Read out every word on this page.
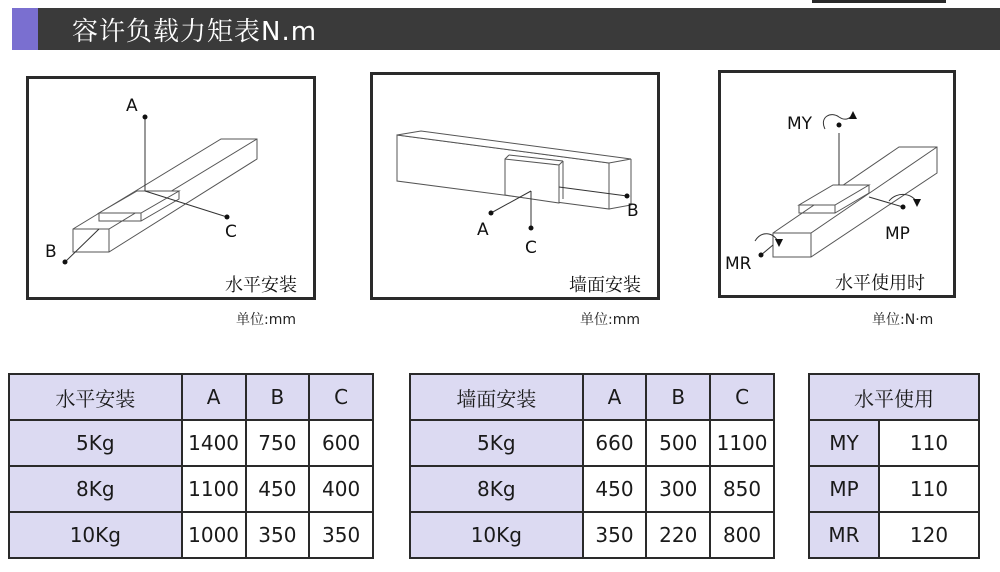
容许负载力矩表N.m
A
C
B
水平安装
单位:mm
A
C
B
墙面安装
单位:mm
MY
MP
MR
水平使用时
单位:N·m
水平安装	A	B	C
5Kg	1400	750	600
8Kg	1100	450	400
10Kg	1000	350	350
墙面安装	A	B	C
5Kg	660	500	1100
8Kg	450	300	850
10Kg	350	220	800
水平使用	
MY	110
MP	110
MR	120
